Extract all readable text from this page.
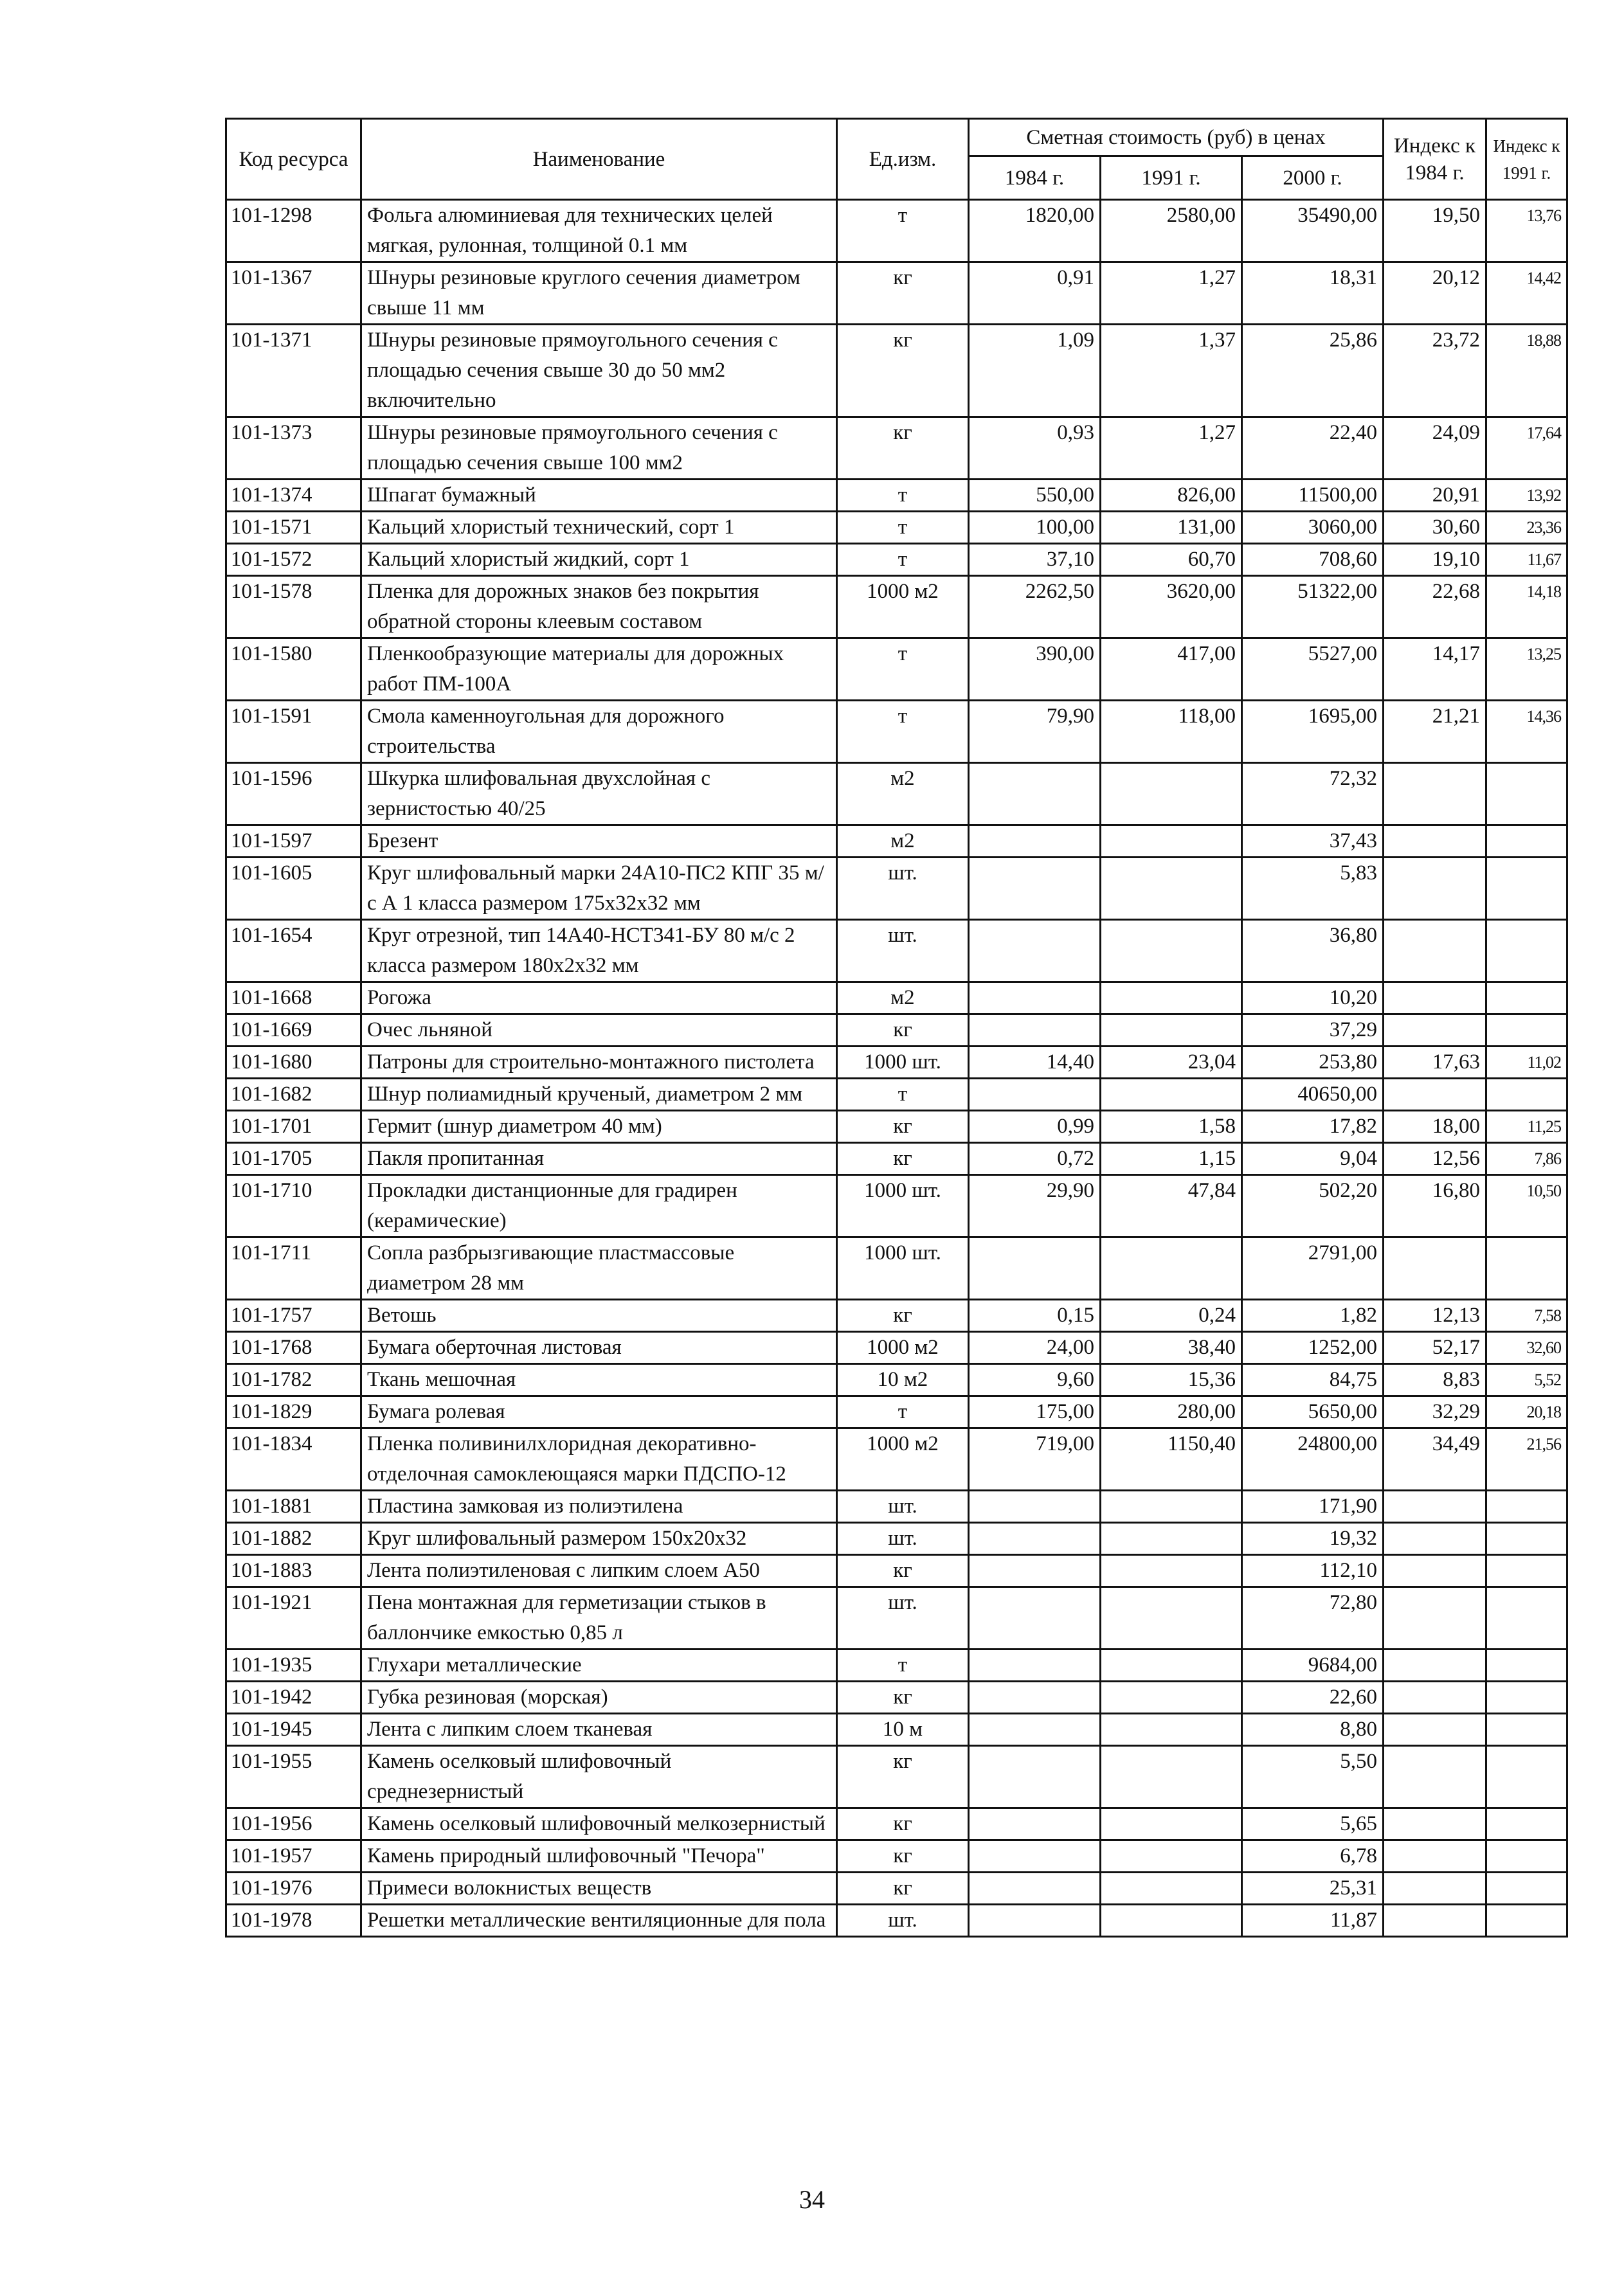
Код ресурса	Наименование	Ед.изм.	Сметная стоимость (руб) в ценах			Индекс к 1984 г.	Индекс к 1991 г.
			1984 г.	1991 г.	2000 г.		
101-1298	Фольга алюминиевая для технических целей мягкая, рулонная, толщиной 0.1 мм	т	1820,00	2580,00	35490,00	19,50	13,76
101-1367	Шнуры резиновые круглого сечения диаметром свыше 11 мм	кг	0,91	1,27	18,31	20,12	14,42
101-1371	Шнуры резиновые прямоугольного сечения с площадью сечения свыше 30 до 50 мм2 включительно	кг	1,09	1,37	25,86	23,72	18,88
101-1373	Шнуры резиновые прямоугольного сечения с площадью сечения свыше 100 мм2	кг	0,93	1,27	22,40	24,09	17,64
101-1374	Шпагат бумажный	т	550,00	826,00	11500,00	20,91	13,92
101-1571	Кальций хлористый технический, сорт 1	т	100,00	131,00	3060,00	30,60	23,36
101-1572	Кальций хлористый жидкий, сорт 1	т	37,10	60,70	708,60	19,10	11,67
101-1578	Пленка для дорожных знаков без покрытия обратной стороны клеевым составом	1000 м2	2262,50	3620,00	51322,00	22,68	14,18
101-1580	Пленкообразующие материалы для дорожных работ ПМ-100А	т	390,00	417,00	5527,00	14,17	13,25
101-1591	Смола каменноугольная для дорожного строительства	т	79,90	118,00	1695,00	21,21	14,36
101-1596	Шкурка шлифовальная двухслойная с зернистостью 40/25	м2			72,32		
101-1597	Брезент	м2			37,43		
101-1605	Круг шлифовальный марки 24А10-ПС2 КПГ 35 м/с А 1 класса размером 175х32х32 мм	шт.			5,83		
101-1654	Круг отрезной, тип 14А40-НСТ341-БУ 80 м/с 2 класса размером 180х2х32 мм	шт.			36,80		
101-1668	Рогожа	м2			10,20		
101-1669	Очес льняной	кг			37,29		
101-1680	Патроны для строительно-монтажного пистолета	1000 шт.	14,40	23,04	253,80	17,63	11,02
101-1682	Шнур полиамидный крученый, диаметром 2 мм	т			40650,00		
101-1701	Гермит (шнур диаметром 40 мм)	кг	0,99	1,58	17,82	18,00	11,25
101-1705	Пакля пропитанная	кг	0,72	1,15	9,04	12,56	7,86
101-1710	Прокладки дистанционные для градирен (керамические)	1000 шт.	29,90	47,84	502,20	16,80	10,50
101-1711	Сопла разбрызгивающие пластмассовые диаметром 28 мм	1000 шт.			2791,00		
101-1757	Ветошь	кг	0,15	0,24	1,82	12,13	7,58
101-1768	Бумага оберточная листовая	1000 м2	24,00	38,40	1252,00	52,17	32,60
101-1782	Ткань мешочная	10 м2	9,60	15,36	84,75	8,83	5,52
101-1829	Бумага ролевая	т	175,00	280,00	5650,00	32,29	20,18
101-1834	Пленка поливинилхлоридная декоративно-отделочная самоклеющаяся марки ПДСПО-12	1000 м2	719,00	1150,40	24800,00	34,49	21,56
101-1881	Пластина замковая из полиэтилена	шт.			171,90		
101-1882	Круг шлифовальный размером 150х20х32	шт.			19,32		
101-1883	Лента полиэтиленовая с липким слоем А50	кг			112,10		
101-1921	Пена монтажная для герметизации стыков в баллончике емкостью 0,85 л	шт.			72,80		
101-1935	Глухари металлические	т			9684,00		
101-1942	Губка резиновая (морская)	кг			22,60		
101-1945	Лента с липким слоем тканевая	10 м			8,80		
101-1955	Камень оселковый шлифовочный среднезернистый	кг			5,50		
101-1956	Камень оселковый шлифовочный мелкозернистый	кг			5,65		
101-1957	Камень природный шлифовочный "Печора"	кг			6,78		
101-1976	Примеси волокнистых веществ	кг			25,31		
101-1978	Решетки металлические вентиляционные для пола	шт.			11,87		
34
